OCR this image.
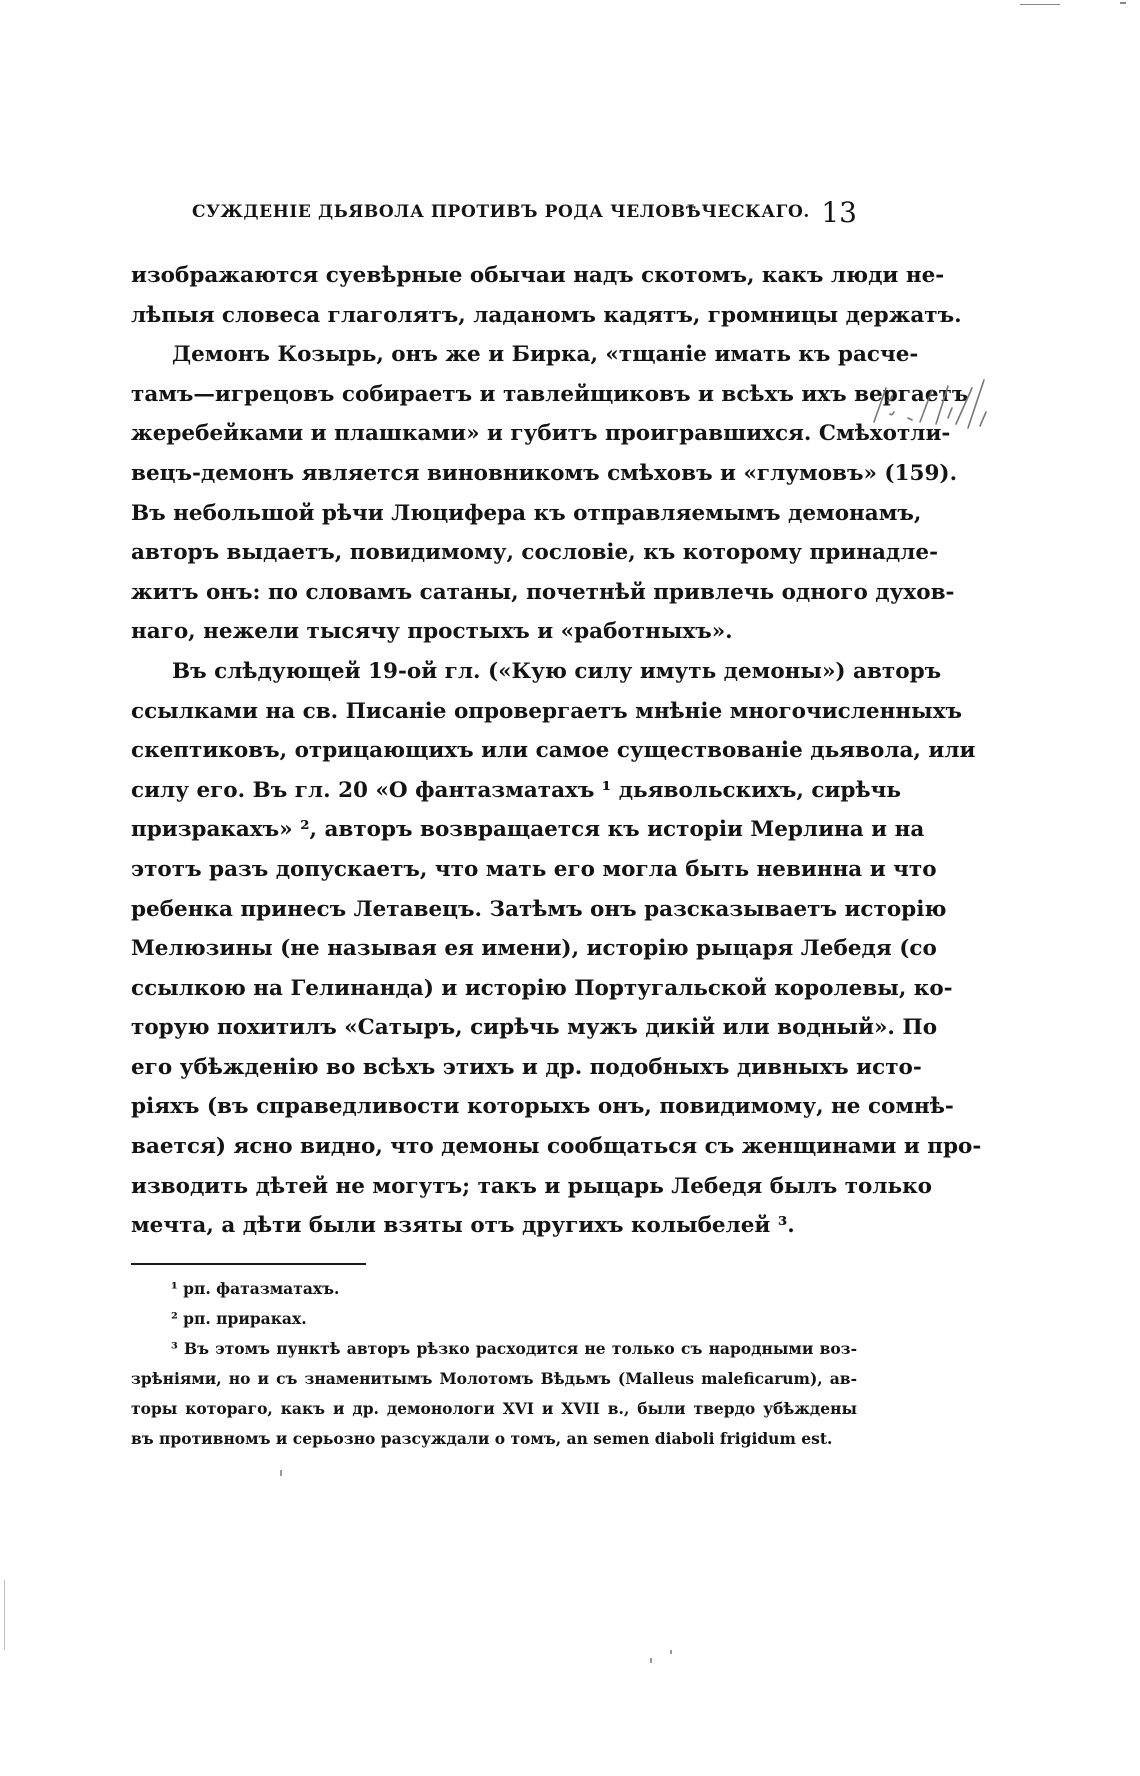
СУЖДЕНІЕ ДЬЯВОЛА ПРОТИВЪ РОДА ЧЕЛОВѢЧЕСКАГО. 13
изображаются суевѣрные обычаи надъ скотомъ, какъ люди не-
лѣпыя словеса глаголятъ, ладаномъ кадятъ, громницы держатъ.
Демонъ Козырь, онъ же и Бирка, «тщаніе имать къ расче-
тамъ—игрецовъ собираетъ и тавлейщиковъ и всѣхъ ихъ вергаетъ
жеребейками и плашками» и губитъ проигравшихся. Смѣхотли-
вецъ-демонъ является виновникомъ смѣховъ и «глумовъ» (159).
Въ небольшой рѣчи Люцифера къ отправляемымъ демонамъ,
авторъ выдаетъ, повидимому, сословіе, къ которому принадле-
житъ онъ: по словамъ сатаны, почетнѣй привлечь одного духов-
наго, нежели тысячу простыхъ и «работныхъ».
Въ слѣдующей 19-ой гл. («Кую силу имуть демоны») авторъ
ссылками на св. Писаніе опровергаетъ мнѣніе многочисленныхъ
скептиковъ, отрицающихъ или самое существованіе дьявола, или
силу его. Въ гл. 20 «О фантазматахъ ¹ дьявольскихъ, сирѣчь
призракахъ» ², авторъ возвращается къ исторіи Мерлина и на
этотъ разъ допускаетъ, что мать его могла быть невинна и что
ребенка принесъ Летавецъ. Затѣмъ онъ разсказываетъ исторію
Мелюзины (не называя ея имени), исторію рыцаря Лебедя (со
ссылкою на Гелинанда) и исторію Португальской королевы, ко-
торую похитилъ «Сатыръ, сирѣчь мужъ дикій или водный». По
его убѣжденію во всѣхъ этихъ и др. подобныхъ дивныхъ исто-
ріяхъ (въ справедливости которыхъ онъ, повидимому, не сомнѣ-
вается) ясно видно, что демоны сообщаться съ женщинами и про-
изводить дѣтей не могутъ; такъ и рыцарь Лебедя былъ только
мечта, а дѣти были взяты отъ другихъ колыбелей ³.
¹ рп. фатазматахъ.
² рп. прираках.
³ Въ этомъ пунктѣ авторъ рѣзко расходится не только съ народными воз-
зрѣніями, но и съ знаменитымъ Молотомъ Вѣдьмъ (Malleus maleficarum), ав-
торы котораго, какъ и др. демонологи XVI и XVII в., были твердо убѣждены
въ противномъ и серьозно разсуждали о томъ, an semen diaboli frigidum est.
